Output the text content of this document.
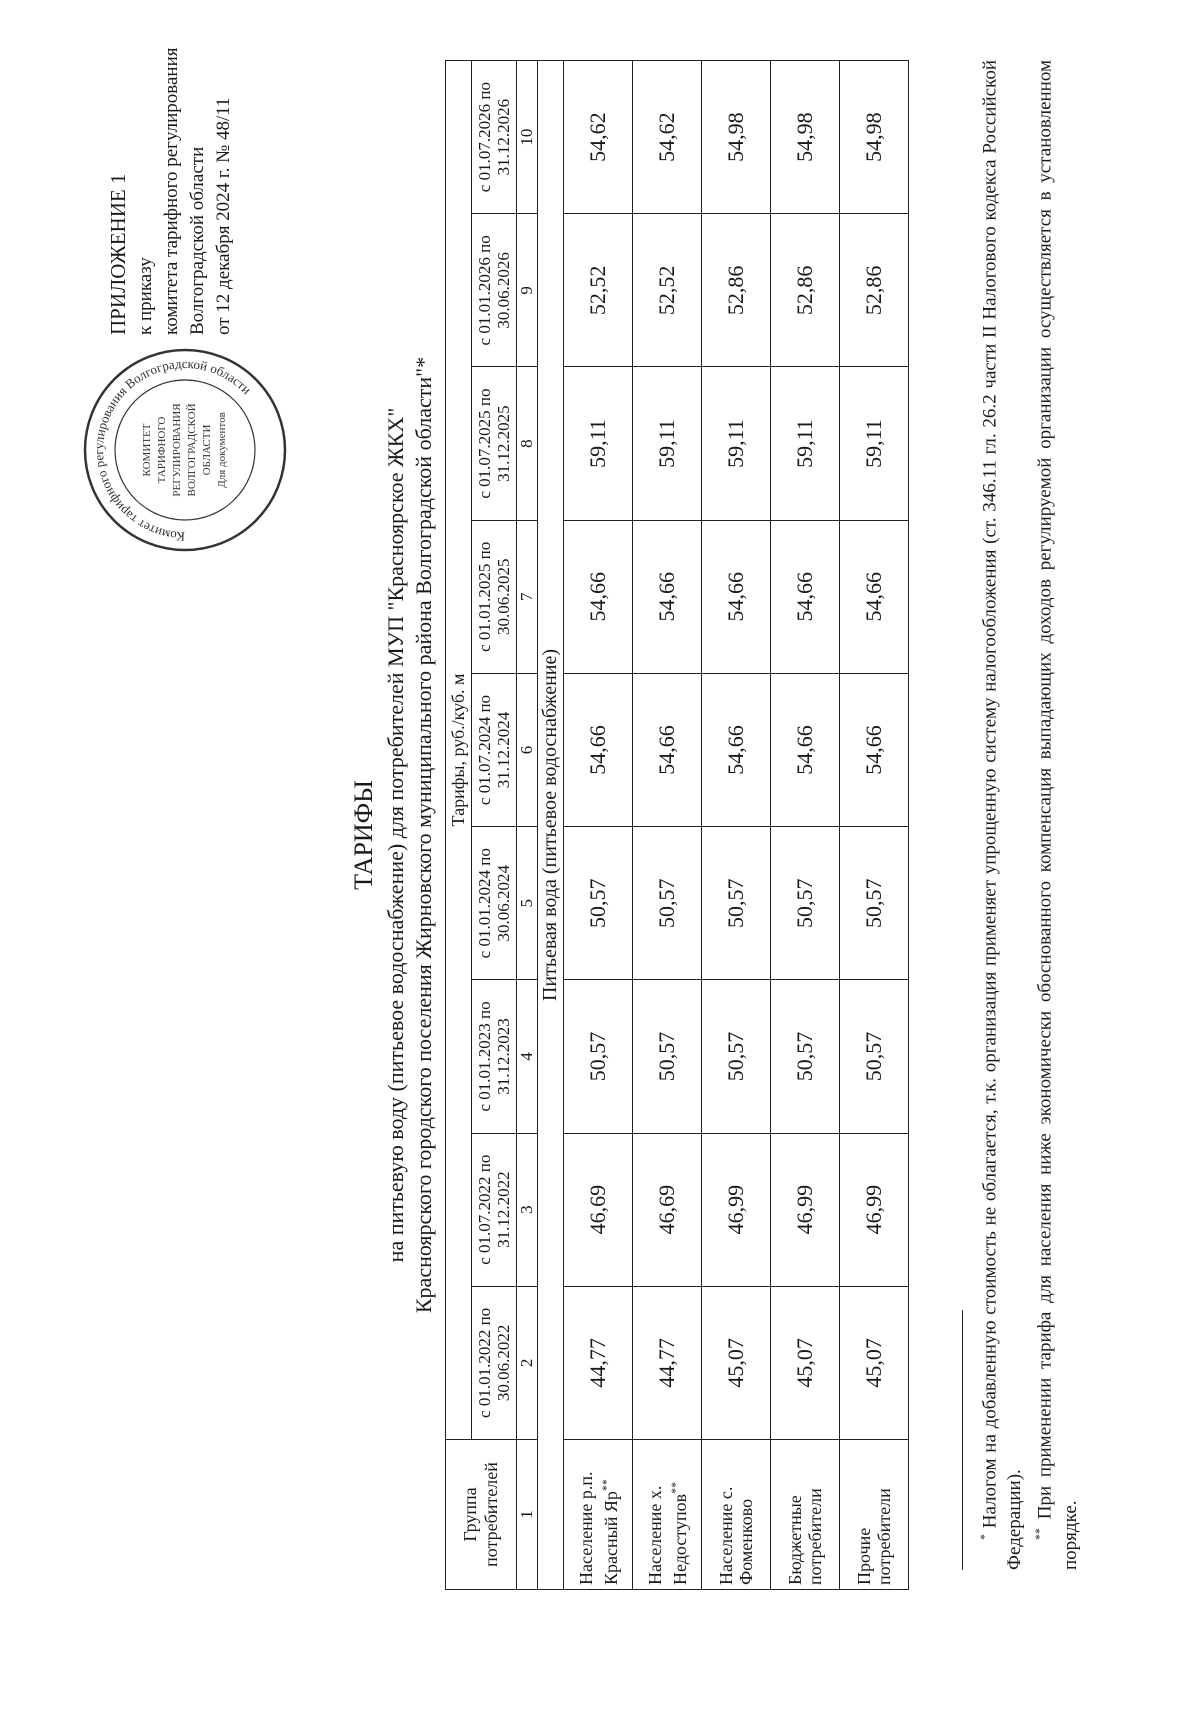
ПРИЛОЖЕНИЕ 1 к приказу комитета тарифного регулирования Волгоградской области от 12 декабря 2024 г. № 48/11
Комитет тарифного регулирования Волгоградской области
КОМИТЕТ ТАРИФНОГО РЕГУЛИРОВАНИЯ ВОЛГОГРАДСКОЙ ОБЛАСТИ Для документов
ТАРИФЫ на питьевую воду (питьевое водоснабжение) для потребителей МУП "Красноярское ЖКХ" Красноярского городского поселения Жирновского муниципального района Волгоградской области"*
Группа потребителей	Тарифы, руб./куб. м								
	с 01.01.2022 по 30.06.2022	с 01.07.2022 по 31.12.2022	с 01.01.2023 по 31.12.2023	с 01.01.2024 по 30.06.2024	с 01.07.2024 по 31.12.2024	с 01.01.2025 по 30.06.2025	с 01.07.2025 по 31.12.2025	с 01.01.2026 по 30.06.2026	с 01.07.2026 по 31.12.2026
1	2	3	4	5	6	7	8	9	10
Питьевая вода (питьевое водоснабжение)									
Население р.п. Красный Яр**	44,77	46,69	50,57	50,57	54,66	54,66	59,11	52,52	54,62
Население х. Недоступов**	44,77	46,69	50,57	50,57	54,66	54,66	59,11	52,52	54,62
Население с. Фоменково	45,07	46,99	50,57	50,57	54,66	54,66	59,11	52,86	54,98
Бюджетные потребители	45,07	46,99	50,57	50,57	54,66	54,66	59,11	52,86	54,98
Прочие потребители	45,07	46,99	50,57	50,57	54,66	54,66	59,11	52,86	54,98

* Налогом на добавленную стоимость не облагается, т.к. организация применяет упрощенную систему налогообложения (ст. 346.11 гл. 26.2 части II Налогового кодекса Российской Федерации). ** При применении тарифа для населения ниже экономически обоснованного компенсация выпадающих доходов регулируемой организации осуществляется в установленном порядке.
